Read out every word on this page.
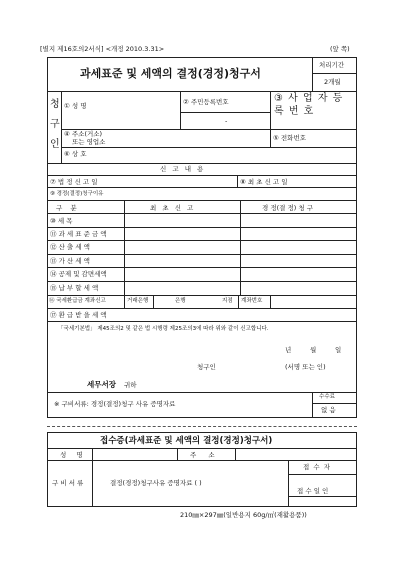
[별지 제16호의2서식] <개정 2010.3.31>	(앞 쪽)
과세표준 및 세액의 결정(경정)청구서
처리기간
2개월
청
구
인
① 성 명	② 주민등록번호
-
③ 사 업 자 등 록 번 호
④ 주소(거소)
또는 영업소	⑤ 전화번호
⑥ 상 호
신 고 내 용
⑦ 법 정 신 고 일	⑧ 최 초 신 고 일
⑨ 경정(결정)청구이유
구 분	최 초 신 고	경 정(결 정) 청 구
⑩ 세 목
⑪ 과 세 표 준 금 액
⑫ 산 출 세 액
⑬ 가 산 세 액
⑭ 공제 및 감면세액
⑮ 납 부 할 세 액
⑯ 국세환급금 계좌신고	거래은행	은행	지점 계좌번호
⑰ 환 급 받 을 세 액
「국세기본법」 제45조의2 및 같은 법 시행령 제25조의3에 따라 위와 같이 신고합니다.
년	월	일
청구인	(서명 또는 인)
세무서장 귀하
※ 구비서류: 경정(결정)청구 사유 증명자료
수수료
없 음
접수증(과세표준 및 세액의 결정(경정)청구서)
성 명	주 소
구 비 서 류	결정(경정)청구사유 증명자료 ( )
접 수 자
접 수 일 인
210㎜×297㎜(일반용지 60g/㎡(재활용품))
